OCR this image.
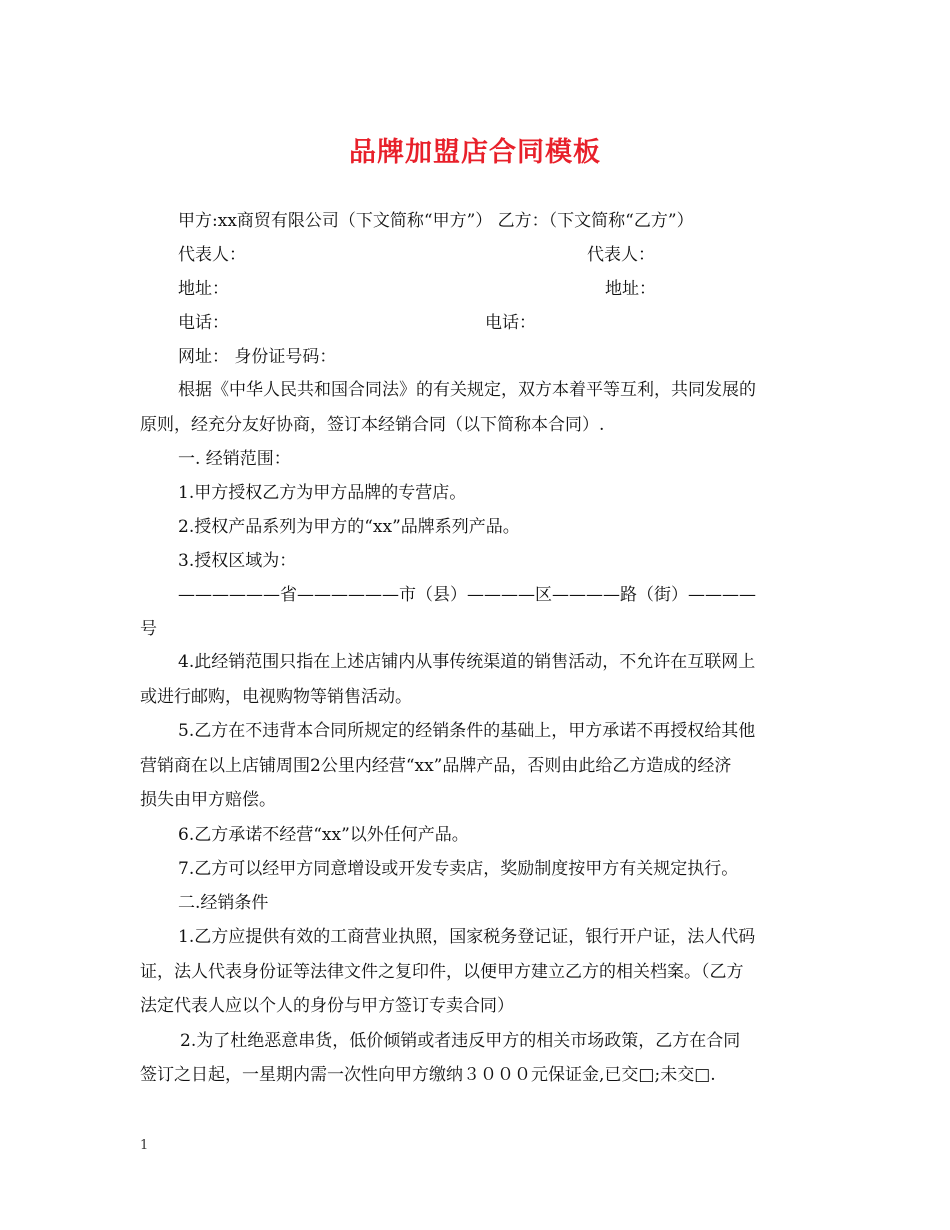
品牌加盟店合同模板
甲方:xx商贸有限公司（下文简称“甲方”） 乙方：（下文简称“乙方”）
代表人：	代表人：
地址：	地址：
电话：	电话：
网址： 身份证号码：
根据《中华人民共和国合同法》的有关规定，双方本着平等互利，共同发展的
原则，经充分友好协商，签订本经销合同（以下简称本合同）.
一. 经销范围：
1.甲方授权乙方为甲方品牌的专营店。
2.授权产品系列为甲方的“xx”品牌系列产品。
3.授权区域为：
——————省——————市（县）————区————路（街）————
号
4.此经销范围只指在上述店铺内从事传统渠道的销售活动，不允许在互联网上
或进行邮购，电视购物等销售活动。
5.乙方在不违背本合同所规定的经销条件的基础上，甲方承诺不再授权给其他
营销商在以上店铺周围2公里内经营“xx”品牌产品，否则由此给乙方造成的经济
损失由甲方赔偿。
6.乙方承诺不经营“xx”以外任何产品。
7.乙方可以经甲方同意增设或开发专卖店，奖励制度按甲方有关规定执行。
二.经销条件
1.乙方应提供有效的工商营业执照，国家税务登记证，银行开户证，法人代码
证，法人代表身份证等法律文件之复印件，以便甲方建立乙方的相关档案。（乙方
法定代表人应以个人的身份与甲方签订专卖合同）
2.为了杜绝恶意串货，低价倾销或者违反甲方的相关市场政策，乙方在合同
签订之日起，一星期内需一次性向甲方缴纳３０００元保证金,已交□;未交□.
1
